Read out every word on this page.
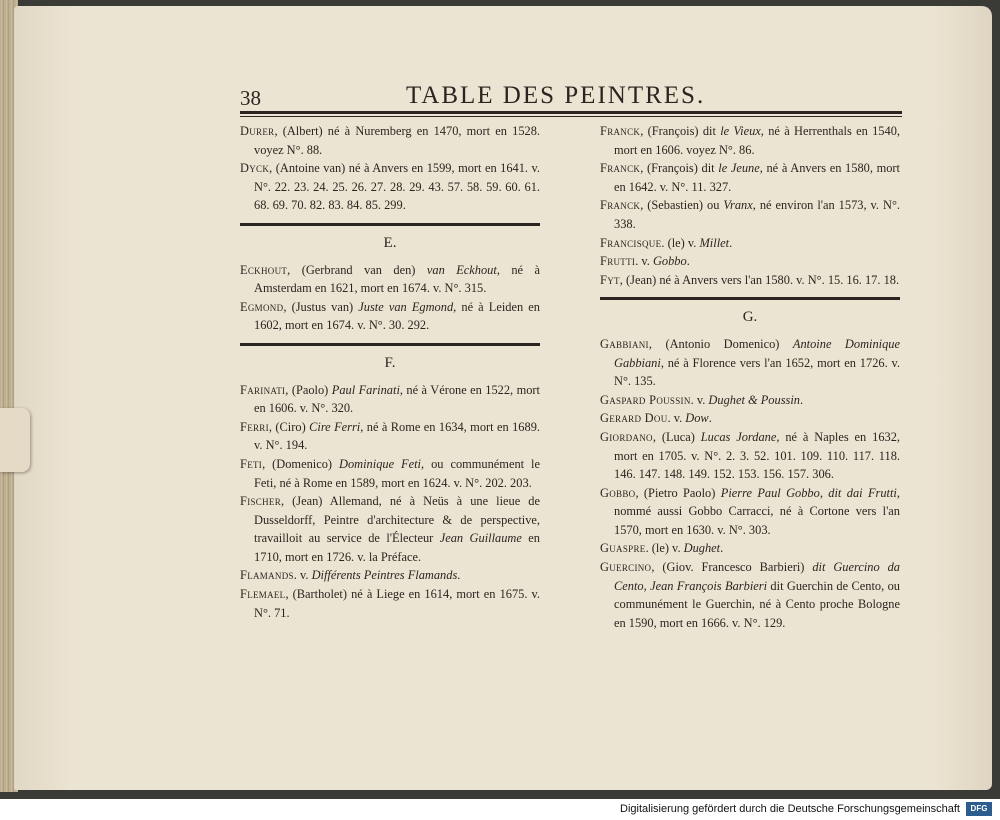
38	TABLE DES PEINTRES.

Durer, (Albert) né à Nuremberg en 1470, mort en 1528. voyez N°. 88.

Dyck, (Antoine van) né à Anvers en 1599, mort en 1641. v. N°. 22. 23. 24. 25. 26. 27. 28. 29. 43. 57. 58. 59. 60. 61. 68. 69. 70. 82. 83. 84. 85. 299.

E.

Eckhout, (Gerbrand van den) van Eckhout, né à Amsterdam en 1621, mort en 1674. v. N°. 315.

Egmond, (Justus van) Juste van Egmond, né à Leiden en 1602, mort en 1674. v. N°. 30. 292.

F.

Farinati, (Paolo) Paul Farinati, né à Vérone en 1522, mort en 1606. v. N°. 320.

Ferri, (Ciro) Cire Ferri, né à Rome en 1634, mort en 1689. v. N°. 194.

Feti, (Domenico) Dominique Feti, ou communément le Feti, né à Rome en 1589, mort en 1624. v. N°. 202. 203.

Fischer, (Jean) Allemand, né à Neüs à une lieue de Dusseldorff, Peintre d'architecture & de perspective, travailloit au service de l'Électeur Jean Guillaume en 1710, mort en 1726. v. la Préface.

Flamands. v. Différents Peintres Flamands.

Flemael, (Bartholet) né à Liege en 1614, mort en 1675. v. N°. 71.

Franck, (François) dit le Vieux, né à Herrenthals en 1540, mort en 1606. voyez N°. 86.

Franck, (François) dit le Jeune, né à Anvers en 1580, mort en 1642. v. N°. 11. 327.

Franck, (Sebastien) ou Vranx, né environ l'an 1573, v. N°. 338.

Francisque. (le) v. Millet.

Frutti. v. Gobbo.

Fyt, (Jean) né à Anvers vers l'an 1580. v. N°. 15. 16. 17. 18.

G.

Gabbiani, (Antonio Domenico) Antoine Dominique Gabbiani, né à Florence vers l'an 1652, mort en 1726. v. N°. 135.

Gaspard Poussin. v. Dughet & Poussin.

Gerard Dou. v. Dow.

Giordano, (Luca) Lucas Jordane, né à Naples en 1632, mort en 1705. v. N°. 2. 3. 52. 101. 109. 110. 117. 118. 146. 147. 148. 149. 152. 153. 156. 157. 306.

Gobbo, (Pietro Paolo) Pierre Paul Gobbo, dit dai Frutti, nommé aussi Gobbo Carracci, né à Cortone vers l'an 1570, mort en 1630. v. N°. 303.

Guaspre. (le) v. Dughet.

Guercino, (Giov. Francesco Barbieri) dit Guercino da Cento, Jean François Barbieri dit Guerchin de Cento, ou communément le Guerchin, né à Cento proche Bologne en 1590, mort en 1666. v. N°. 129.

Digitalisierung gefördert durch die Deutsche Forschungsgemeinschaft	DFG
